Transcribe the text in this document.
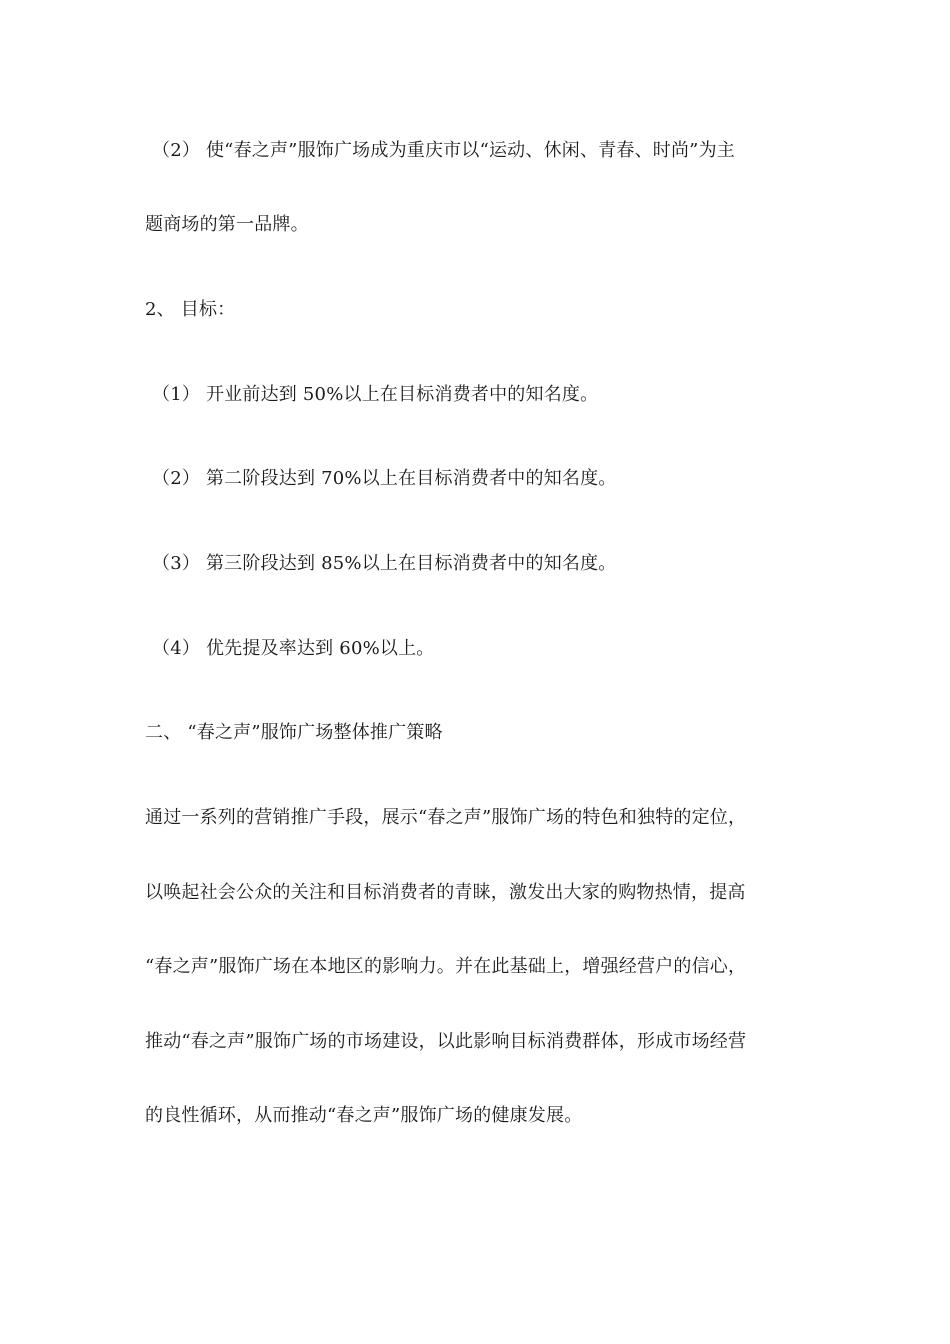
（2） 使“春之声”服饰广场成为重庆市以“运动、休闲、青春、时尚”为主
题商场的第一品牌。
2、 目标：
（1） 开业前达到 50%以上在目标消费者中的知名度。
（2） 第二阶段达到 70%以上在目标消费者中的知名度。
（3） 第三阶段达到 85%以上在目标消费者中的知名度。
（4） 优先提及率达到 60%以上。
二、 “春之声”服饰广场整体推广策略
通过一系列的营销推广手段，展示“春之声”服饰广场的特色和独特的定位，
以唤起社会公众的关注和目标消费者的青睐，激发出大家的购物热情，提高
“春之声”服饰广场在本地区的影响力。并在此基础上，增强经营户的信心，
推动“春之声”服饰广场的市场建设，以此影响目标消费群体，形成市场经营
的良性循环，从而推动“春之声”服饰广场的健康发展。
